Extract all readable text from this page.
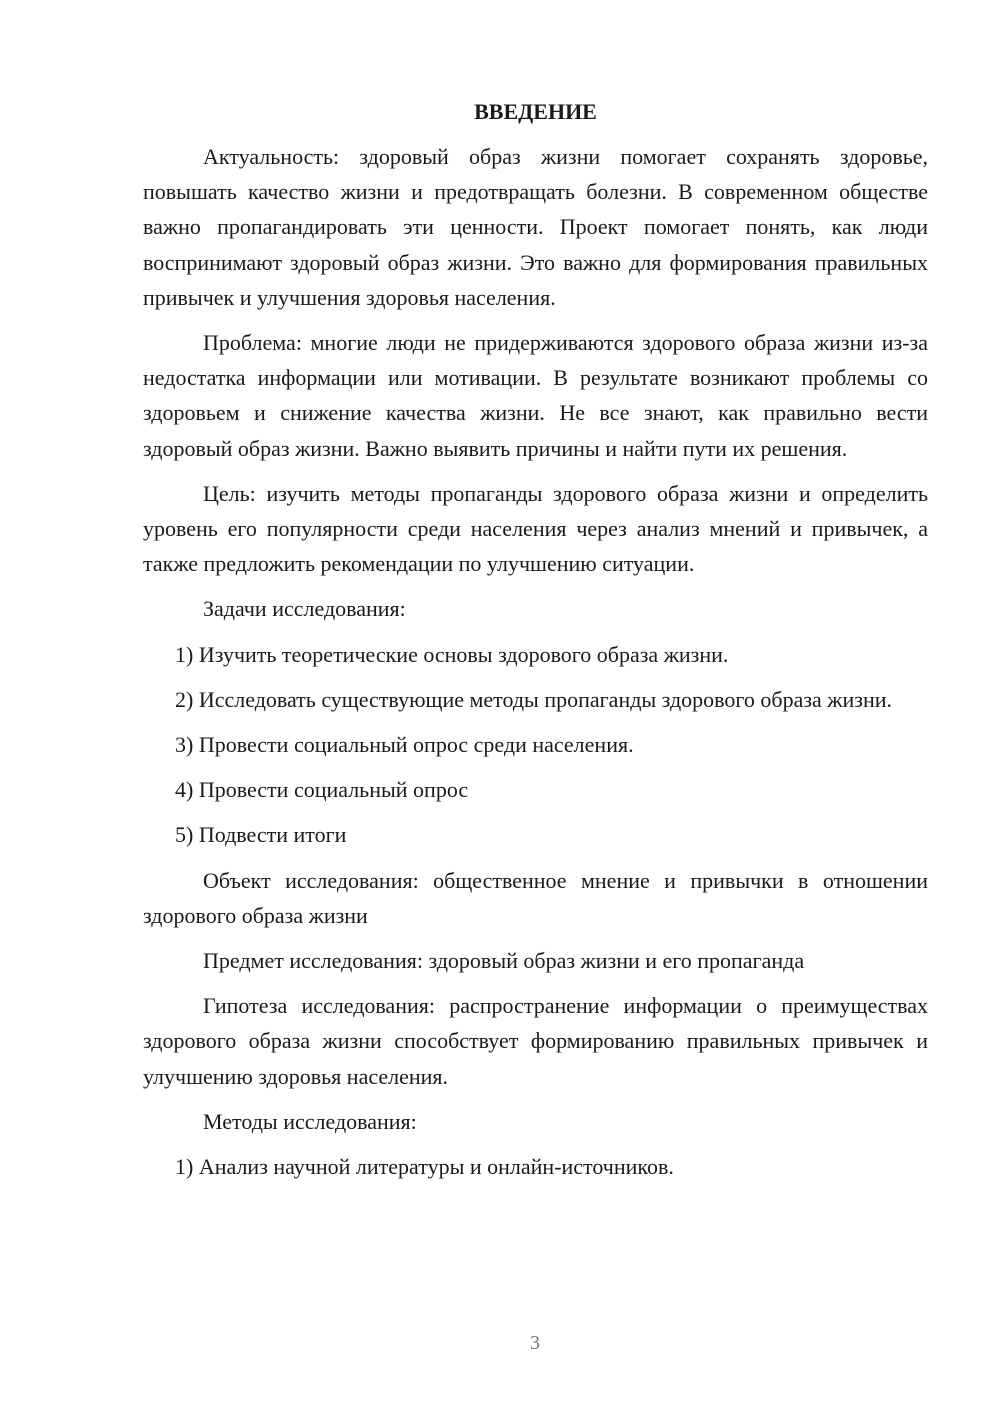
ВВЕДЕНИЕ

Актуальность: здоровый образ жизни помогает сохранять здоровье, повышать качество жизни и предотвращать болезни. В современном обществе важно пропагандировать эти ценности. Проект помогает понять, как люди воспринимают здоровый образ жизни. Это важно для формирования правильных привычек и улучшения здоровья населения.

Проблема: многие люди не придерживаются здорового образа жизни из-за недостатка информации или мотивации. В результате возникают проблемы со здоровьем и снижение качества жизни. Не все знают, как правильно вести здоровый образ жизни. Важно выявить причины и найти пути их решения.

Цель: изучить методы пропаганды здорового образа жизни и определить уровень его популярности среди населения через анализ мнений и привычек, а также предложить рекомендации по улучшению ситуации.

Задачи исследования:

1) Изучить теоретические основы здорового образа жизни.

2) Исследовать существующие методы пропаганды здорового образа жизни.

3) Провести социальный опрос среди населения.

4) Провести социальный опрос

5) Подвести итоги

Объект исследования: общественное мнение и привычки в отношении здорового образа жизни

Предмет исследования: здоровый образ жизни и его пропаганда

Гипотеза исследования: распространение информации о преимуществах здорового образа жизни способствует формированию правильных привычек и улучшению здоровья населения.

Методы исследования:

1) Анализ научной литературы и онлайн-источников.

3
